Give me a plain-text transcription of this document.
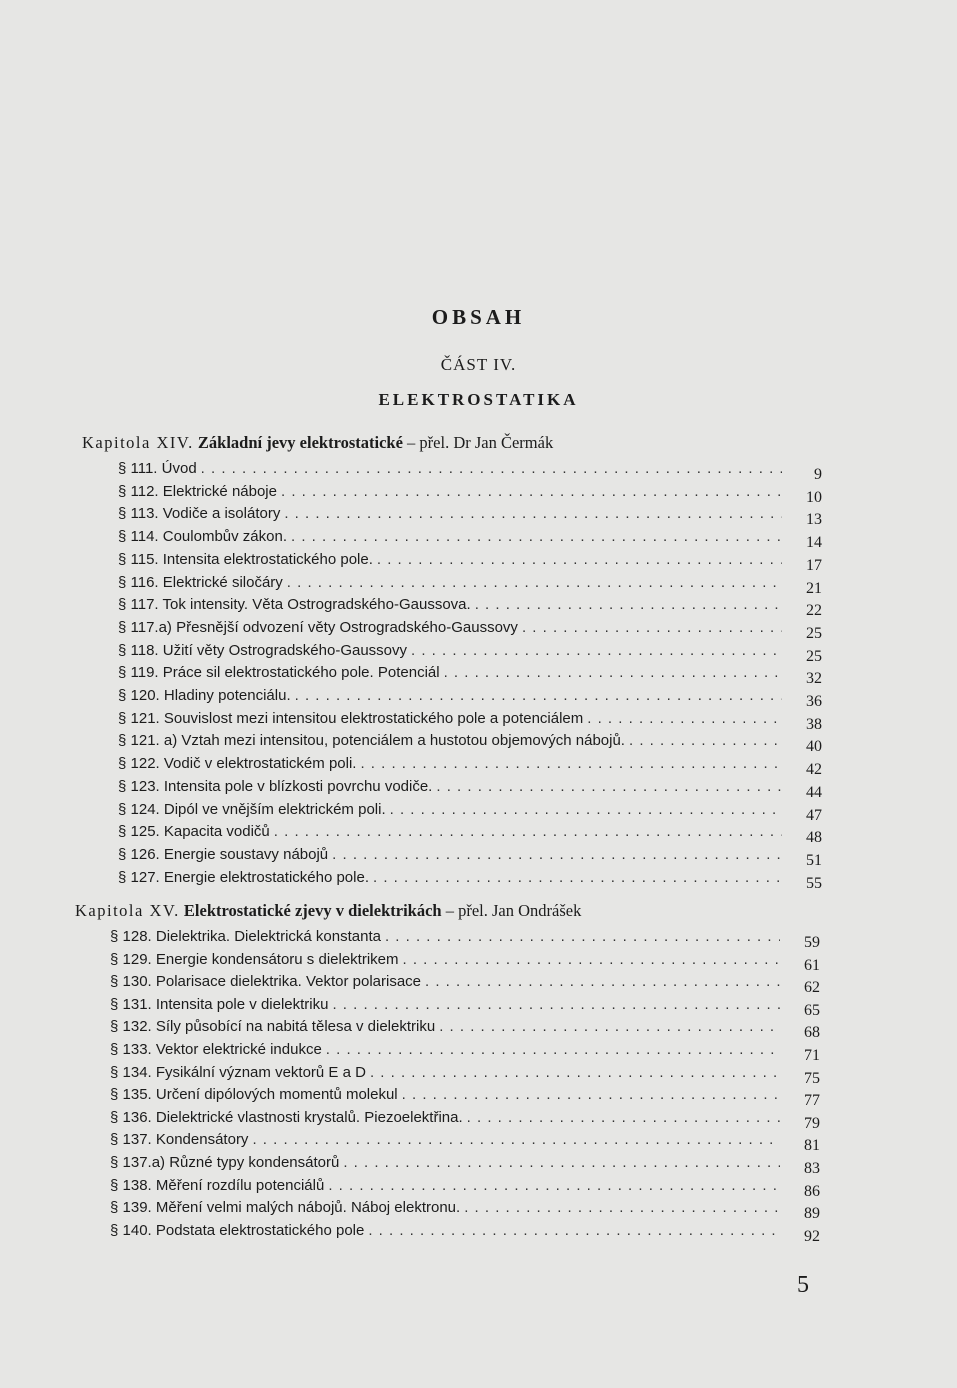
OBSAH
ČÁST IV.
ELEKTROSTATIKA
Kapitola XIV. Základní jevy elektrostatické – přel. Dr Jan Čermák
§ 111. Úvod . . .	9
§ 112. Elektrické náboje . . .	10
§ 113. Vodiče a isolátory . . .	13
§ 114. Coulombův zákon. . . .	14
§ 115. Intensita elektrostatického pole. . . .	17
§ 116. Elektrické siločáry . . .	21
§ 117. Tok intensity. Věta Ostrogradského-Gaussova. . . .	22
§ 117.a) Přesnější odvození věty Ostrogradského-Gaussovy . . .	25
§ 118. Užití věty Ostrogradského-Gaussovy . . .	25
§ 119. Práce sil elektrostatického pole. Potenciál . . .	32
§ 120. Hladiny potenciálu. . . .	36
§ 121. Souvislost mezi intensitou elektrostatického pole a potenciálem . . .	38
§ 121. a) Vztah mezi intensitou, potenciálem a hustotou objemových nábojů. . . .	40
§ 122. Vodič v elektrostatickém poli. . . .	42
§ 123. Intensita pole v blízkosti povrchu vodiče. . . .	44
§ 124. Dipól ve vnějším elektrickém poli. . . .	47
§ 125. Kapacita vodičů . . .	48
§ 126. Energie soustavy nábojů . . .	51
§ 127. Energie elektrostatického pole. . . .	55
Kapitola XV. Elektrostatické zjevy v dielektrikách – přel. Jan Ondrášek
§ 128. Dielektrika. Dielektrická konstanta . . .	59
§ 129. Energie kondensátoru s dielektrikem . . .	61
§ 130. Polarisace dielektrika. Vektor polarisace . . .	62
§ 131. Intensita pole v dielektriku . . .	65
§ 132. Síly působící na nabitá tělesa v dielektriku . . .	68
§ 133. Vektor elektrické indukce . . .	71
§ 134. Fysikální význam vektorů E a D . . .	75
§ 135. Určení dipólových momentů molekul . . .	77
§ 136. Dielektrické vlastnosti krystalů. Piezoelektřina. . . .	79
§ 137. Kondensátory . . .	81
§ 137.a) Různé typy kondensátorů . . .	83
§ 138. Měření rozdílu potenciálů . . .	86
§ 139. Měření velmi malých nábojů. Náboj elektronu. . . .	89
§ 140. Podstata elektrostatického pole . . .	92
5
